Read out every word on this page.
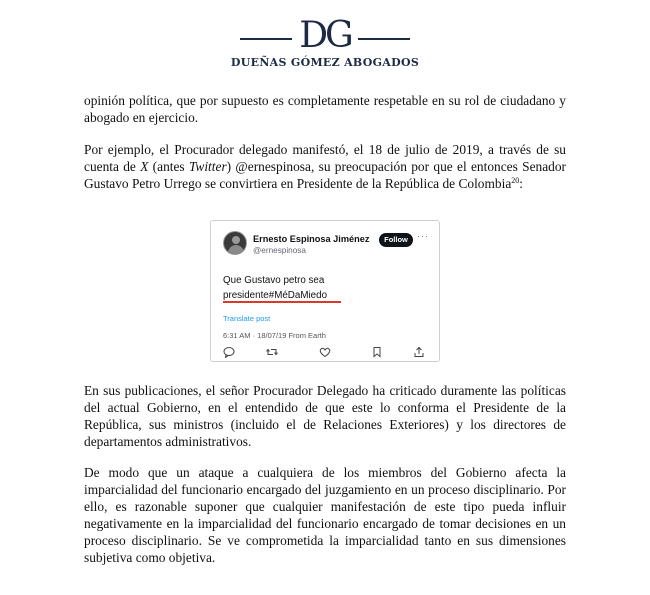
DG
DUEÑAS GÓMEZ ABOGADOS

opinión política, que por supuesto es completamente respetable en su rol de ciudadano y abogado en ejercicio.

Por ejemplo, el Procurador delegado manifestó, el 18 de julio de 2019, a través de su cuenta de X (antes Twitter) @ernespinosa, su preocupación por que el entonces Senador Gustavo Petro Urrego se convirtiera en Presidente de la República de Colombia$^{20}$:

Ernesto Espinosa Jiménez
@ernespinosa
Follow	···
Que Gustavo petro sea
presidente#MéDaMiedo
Translate post
6:31 AM · 18/07/19 From Earth

En sus publicaciones, el señor Procurador Delegado ha criticado duramente las políticas del actual Gobierno, en el entendido de que este lo conforma el Presidente de la República, sus ministros (incluido el de Relaciones Exteriores) y los directores de departamentos administrativos.

De modo que un ataque a cualquiera de los miembros del Gobierno afecta la imparcialidad del funcionario encargado del juzgamiento en un proceso disciplinario. Por ello, es razonable suponer que cualquier manifestación de este tipo pueda influir negativamente en la imparcialidad del funcionario encargado de tomar decisiones en un proceso disciplinario. Se ve comprometida la imparcialidad tanto en sus dimensiones subjetiva como objetiva.
